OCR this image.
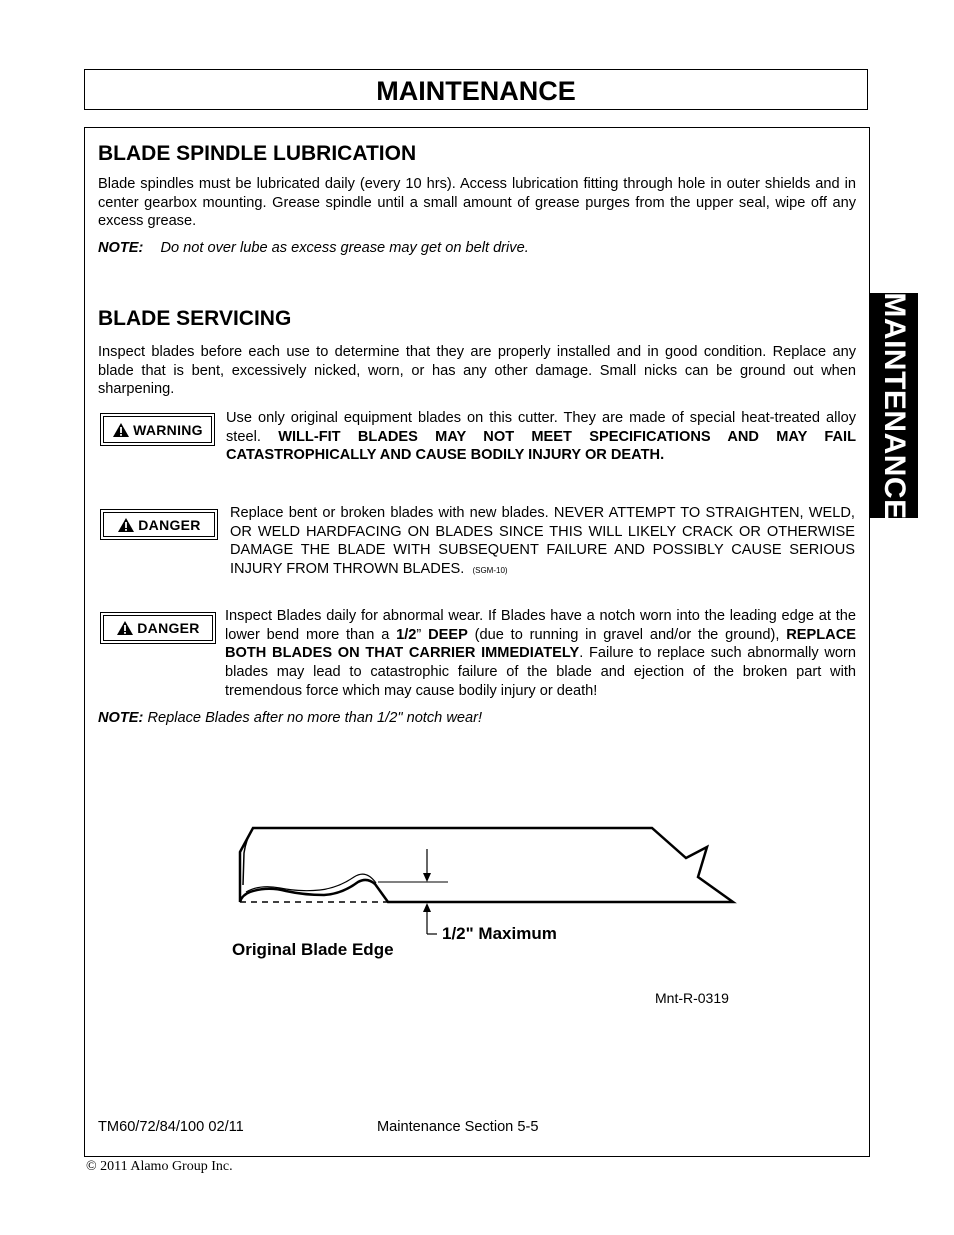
MAINTENANCE
MAINTENANCE
BLADE SPINDLE LUBRICATION
Blade spindles must be lubricated daily (every 10 hrs). Access lubrication fitting through hole in outer shields and in center gearbox mounting. Grease spindle until a small amount of grease purges from the upper seal, wipe off any excess grease.
NOTE: Do not over lube as excess grease may get on belt drive.
BLADE SERVICING
Inspect blades before each use to determine that they are properly installed and in good condition. Replace any blade that is bent, excessively nicked, worn, or has any other damage. Small nicks can be ground out when sharpening.
WARNING
Use only original equipment blades on this cutter. They are made of special heat-treated alloy steel. WILL-FIT BLADES MAY NOT MEET SPECIFICATIONS AND MAY FAIL CATASTROPHICALLY AND CAUSE BODILY INJURY OR DEATH.
DANGER
Replace bent or broken blades with new blades. NEVER ATTEMPT TO STRAIGHTEN, WELD, OR WELD HARDFACING ON BLADES SINCE THIS WILL LIKELY CRACK OR OTHERWISE DAMAGE THE BLADE WITH SUBSEQUENT FAILURE AND POSSIBLY CAUSE SERIOUS INJURY FROM THROWN BLADES. (SGM-10)
DANGER
Inspect Blades daily for abnormal wear. If Blades have a notch worn into the leading edge at the lower bend more than a 1/2” DEEP (due to running in gravel and/or the ground), REPLACE BOTH BLADES ON THAT CARRIER IMMEDIATELY. Failure to replace such abnormally worn blades may lead to catastrophic failure of the blade and ejection of the broken part with tremendous force which may cause bodily injury or death!
NOTE: Replace Blades after no more than 1/2" notch wear!
1/2" Maximum
Original Blade Edge
Mnt-R-0319
TM60/72/84/100 02/11	Maintenance Section 5-5
© 2011 Alamo Group Inc.
